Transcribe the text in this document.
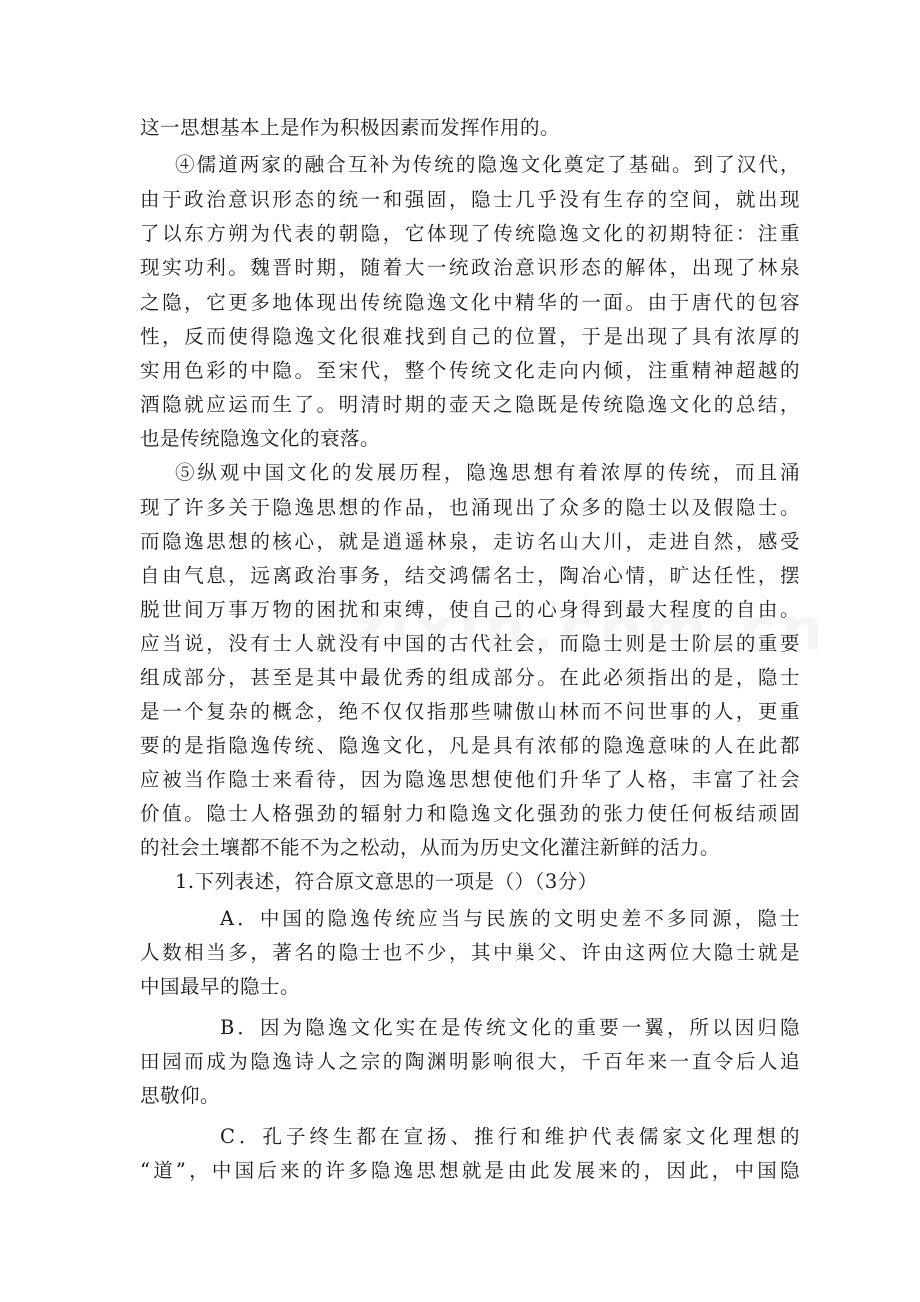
这一思想基本上是作为积极因素而发挥作用的。
④儒道两家的融合互补为传统的隐逸文化奠定了基础。到了汉代，
由于政治意识形态的统一和强固，隐士几乎没有生存的空间，就出现
了以东方朔为代表的朝隐，它体现了传统隐逸文化的初期特征：注重
现实功利。魏晋时期，随着大一统政治意识形态的解体，出现了林泉
之隐，它更多地体现出传统隐逸文化中精华的一面。由于唐代的包容
性，反而使得隐逸文化很难找到自己的位置，于是出现了具有浓厚的
实用色彩的中隐。至宋代，整个传统文化走向内倾，注重精神超越的
酒隐就应运而生了。明清时期的壶天之隐既是传统隐逸文化的总结，
也是传统隐逸文化的衰落。
⑤纵观中国文化的发展历程，隐逸思想有着浓厚的传统，而且涌
现了许多关于隐逸思想的作品，也涌现出了众多的隐士以及假隐士。
而隐逸思想的核心，就是逍遥林泉，走访名山大川，走进自然，感受
自由气息，远离政治事务，结交鸿儒名士，陶冶心情，旷达任性，摆
脱世间万事万物的困扰和束缚，使自己的心身得到最大程度的自由。
应当说，没有士人就没有中国的古代社会，而隐士则是士阶层的重要
组成部分，甚至是其中最优秀的组成部分。在此必须指出的是，隐士
是一个复杂的概念，绝不仅仅指那些啸傲山林而不问世事的人，更重
要的是指隐逸传统、隐逸文化，凡是具有浓郁的隐逸意味的人在此都
应被当作隐士来看待，因为隐逸思想使他们升华了人格，丰富了社会
价值。隐士人格强劲的辐射力和隐逸文化强劲的张力使任何板结顽固
的社会土壤都不能不为之松动，从而为历史文化灌注新鲜的活力。
1.下列表述，符合原文意思的一项是（）（3分）
A．中国的隐逸传统应当与民族的文明史差不多同源，隐士
人数相当多，著名的隐士也不少，其中巢父、许由这两位大隐士就是
中国最早的隐士。
B．因为隐逸文化实在是传统文化的重要一翼，所以因归隐
田园而成为隐逸诗人之宗的陶渊明影响很大，千百年来一直令后人追
思敬仰。
C．孔子终生都在宣扬、推行和维护代表儒家文化理想的
“道”，中国后来的许多隐逸思想就是由此发展来的，因此，中国隐
